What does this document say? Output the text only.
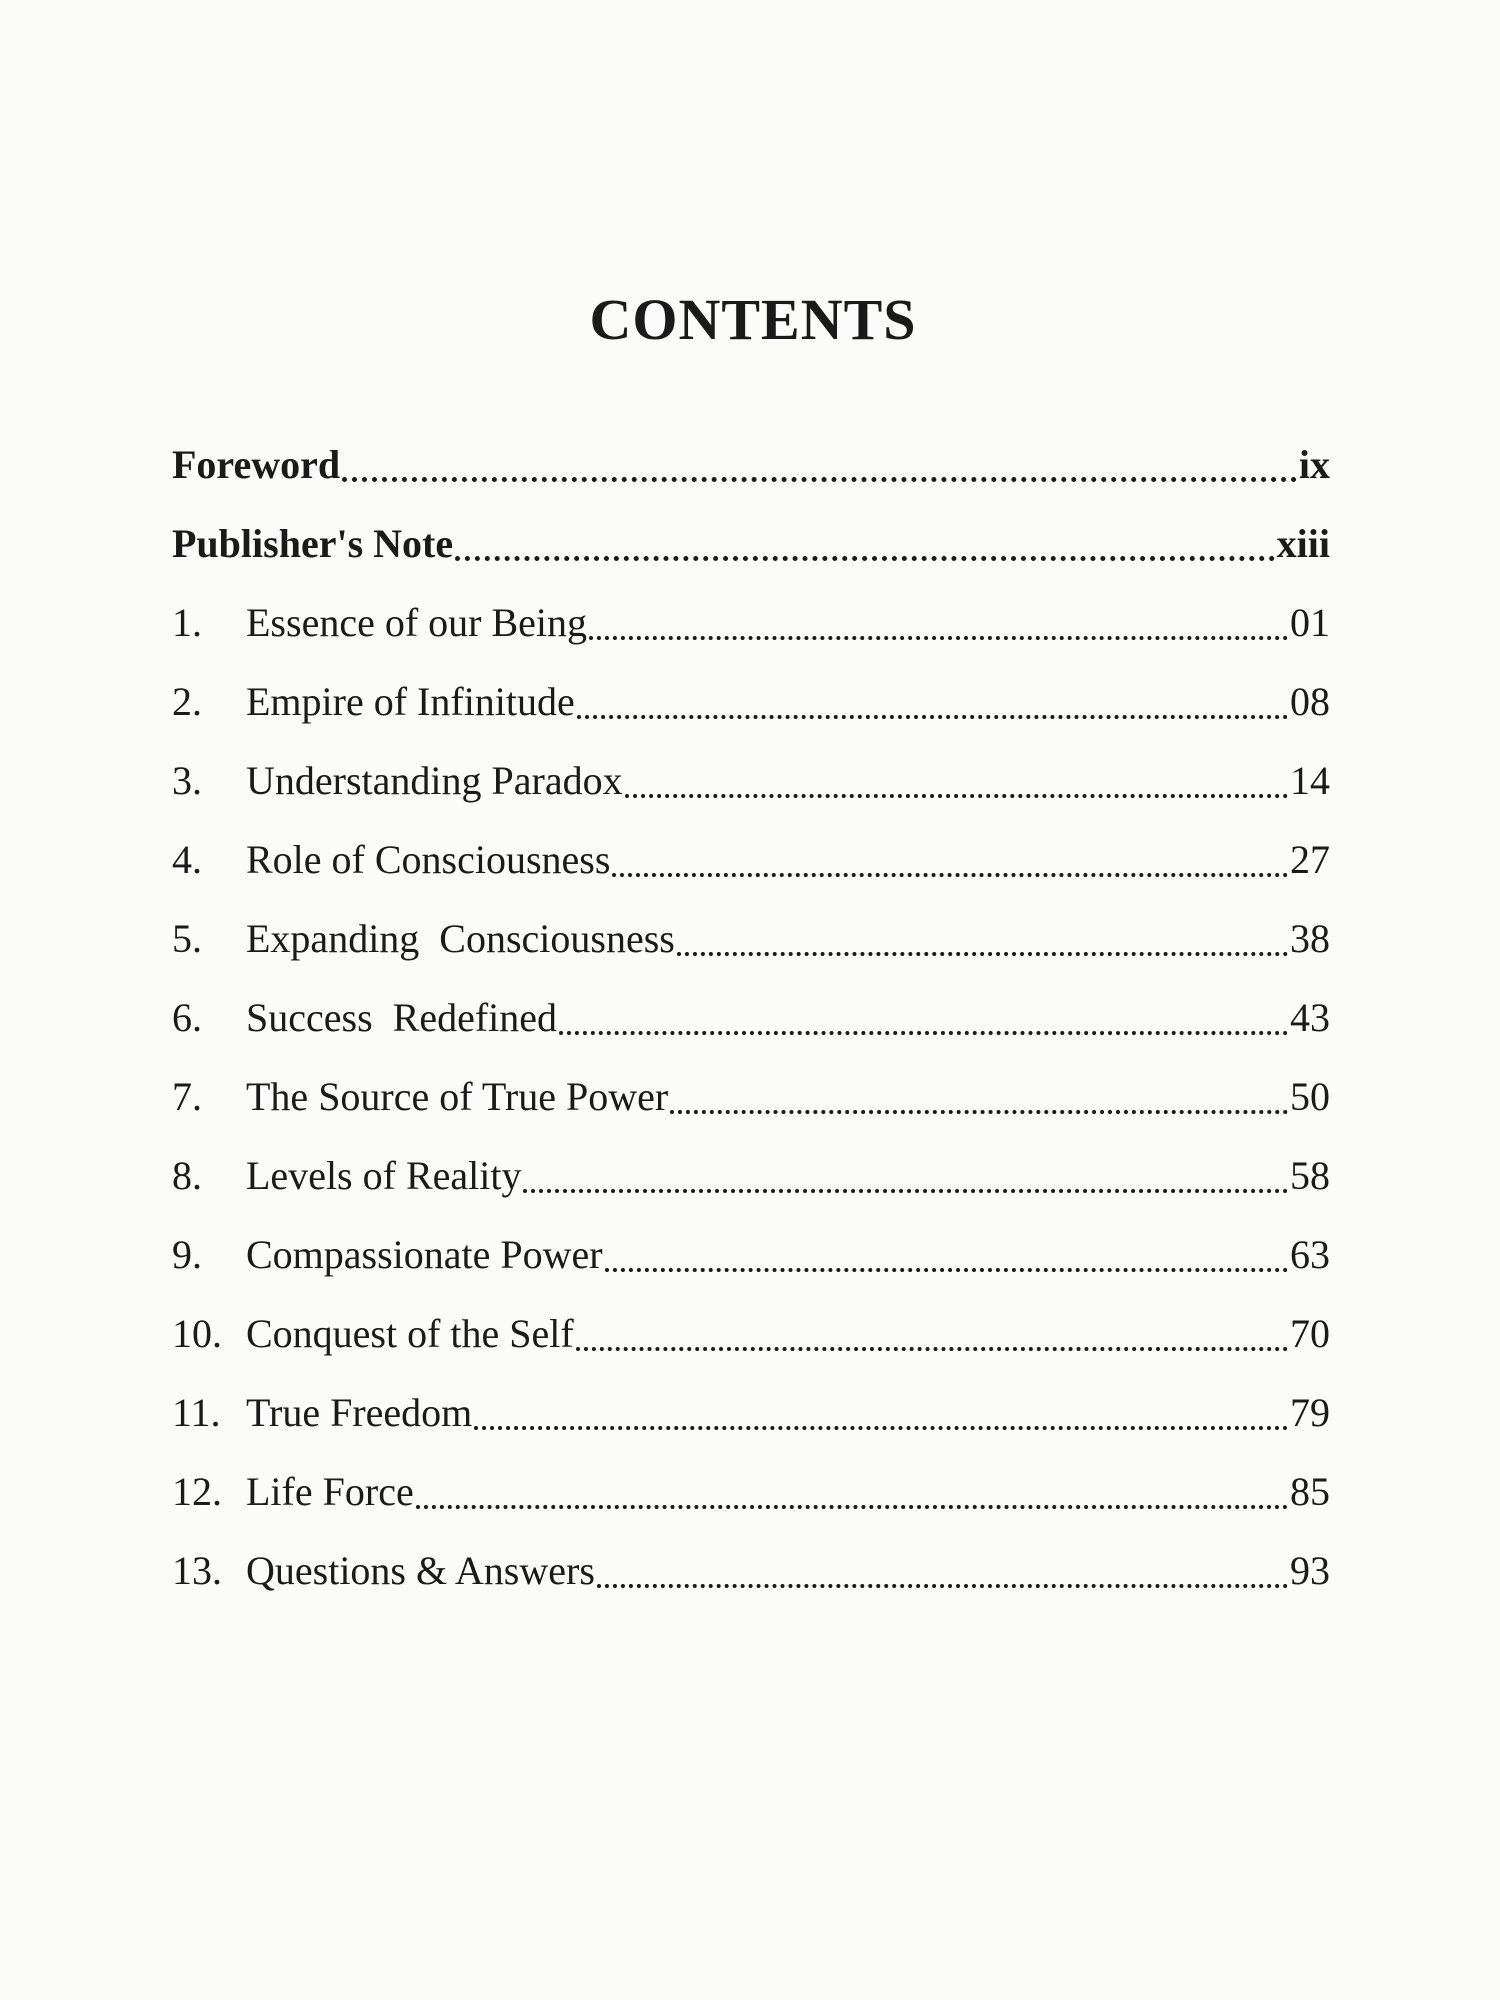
CONTENTS
Foreword	ix
Publisher's Note	xiii
1.	Essence of our Being	01
2.	Empire of Infinitude	08
3.	Understanding Paradox	14
4.	Role of Consciousness	27
5.	Expanding  Consciousness	38
6.	Success  Redefined	43
7.	The Source of True Power	50
8.	Levels of Reality	58
9.	Compassionate Power	63
10. Conquest of the Self	70
11. True Freedom	79
12. Life Force	85
13. Questions & Answers	93
